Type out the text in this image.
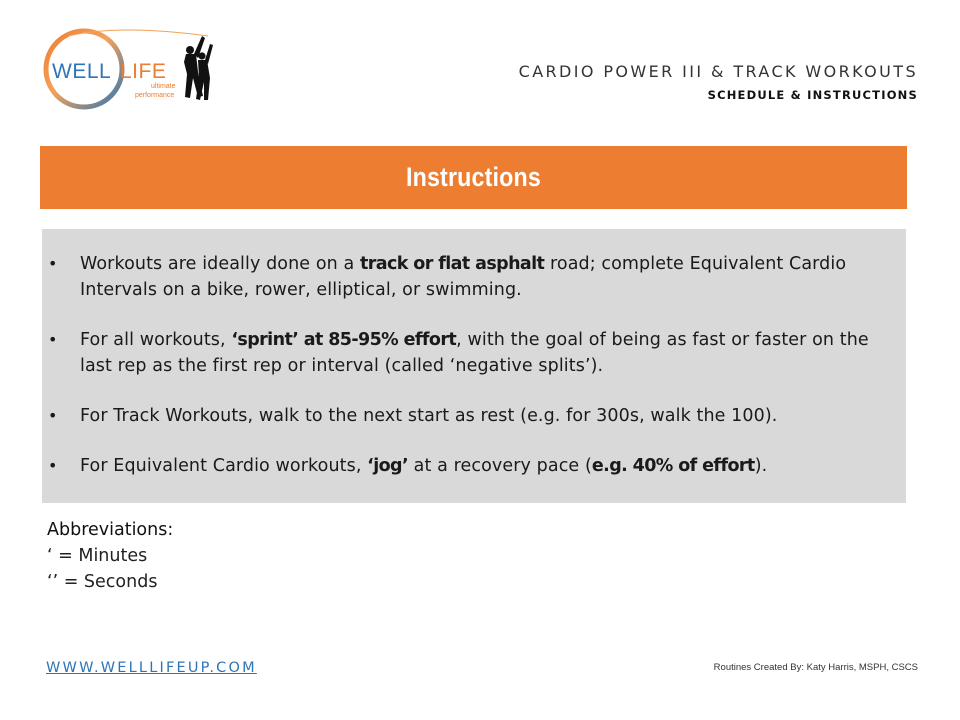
WELL LIFE
ultimate
performance
CARDIO POWER III & TRACK WORKOUTS
SCHEDULE & INSTRUCTIONS
Instructions
• Workouts are ideally done on a track or flat asphalt road; complete Equivalent Cardio Intervals on a bike, rower, elliptical, or swimming.
• For all workouts, ‘sprint’ at 85-95% effort, with the goal of being as fast or faster on the last rep as the first rep or interval (called ‘negative splits’).
• For Track Workouts, walk to the next start as rest (e.g. for 300s, walk the 100).
• For Equivalent Cardio workouts, ‘jog’ at a recovery pace (e.g. 40% of effort).
Abbreviations:
‘ = Minutes
‘’ = Seconds
WWW.WELLLIFEUP.COM	Routines Created By: Katy Harris, MSPH, CSCS
